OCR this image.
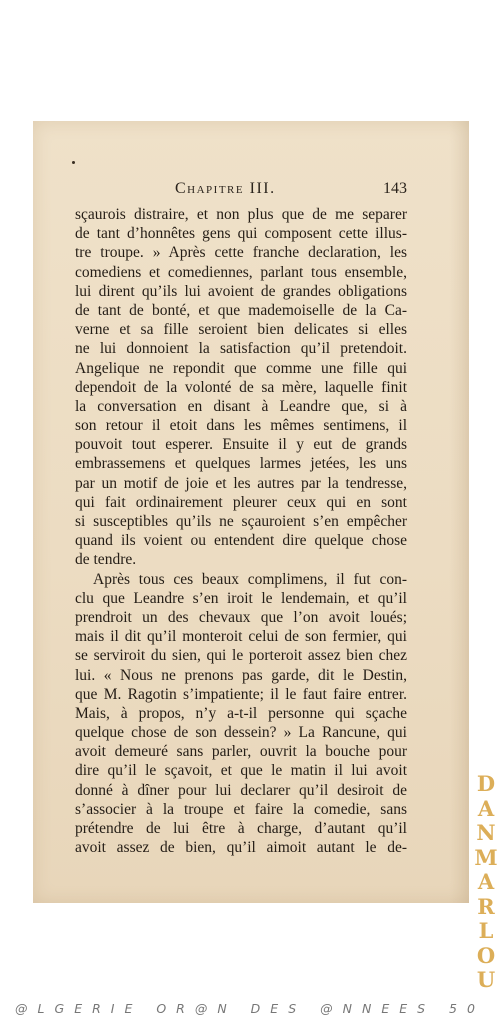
Chapitre III.	143
sçaurois distraire, et non plus que de me separer
de tant d’honnêtes gens qui composent cette illus-
tre troupe. » Après cette franche declaration, les
comediens et comediennes, parlant tous ensemble,
lui dirent qu’ils lui avoient de grandes obligations
de tant de bonté, et que mademoiselle de la Ca-
verne et sa fille seroient bien delicates si elles
ne lui donnoient la satisfaction qu’il pretendoit.
Angelique ne repondit que comme une fille qui
dependoit de la volonté de sa mère, laquelle finit
la conversation en disant à Leandre que, si à
son retour il etoit dans les mêmes sentimens, il
pouvoit tout esperer. Ensuite il y eut de grands
embrassemens et quelques larmes jetées, les uns
par un motif de joie et les autres par la tendresse,
qui fait ordinairement pleurer ceux qui en sont
si susceptibles qu’ils ne sçauroient s’en empêcher
quand ils voient ou entendent dire quelque chose
de tendre.
Après tous ces beaux complimens, il fut con-
clu que Leandre s’en iroit le lendemain, et qu’il
prendroit un des chevaux que l’on avoit loués;
mais il dit qu’il monteroit celui de son fermier, qui
se serviroit du sien, qui le porteroit assez bien chez
lui. « Nous ne prenons pas garde, dit le Destin,
que M. Ragotin s’impatiente; il le faut faire entrer.
Mais, à propos, n’y a-t-il personne qui sçache
quelque chose de son dessein? » La Rancune, qui
avoit demeuré sans parler, ouvrit la bouche pour
dire qu’il le sçavoit, et que le matin il lui avoit
donné à dîner pour lui declarer qu’il desiroit de
s’associer à la troupe et faire la comedie, sans
prétendre de lui être à charge, d’autant qu’il
avoit assez de bien, qu’il aimoit autant le de-
D
A
N
M
A
R
L
O
U
@LGERIE OR@N DES @NNEES 50
